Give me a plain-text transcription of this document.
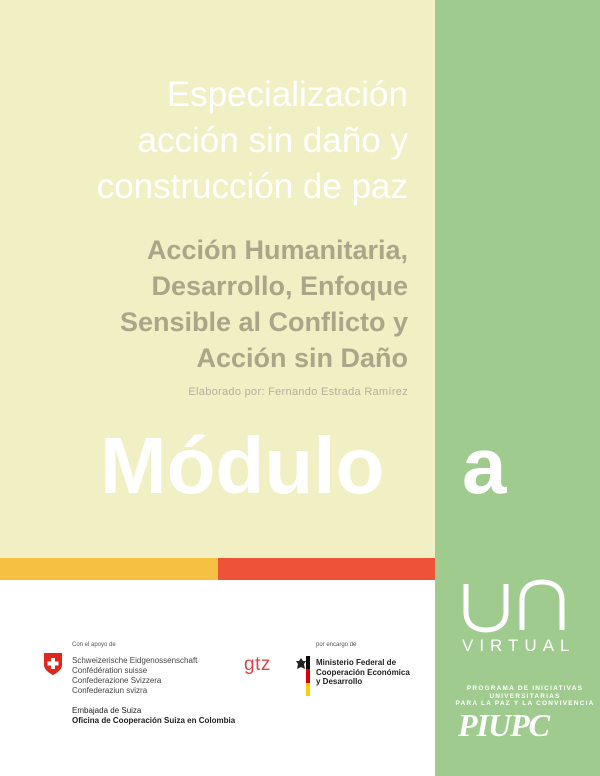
Especialización
acción sin daño y
construcción de paz
Acción Humanitaria,
Desarrollo, Enfoque
Sensible al Conflicto y
Acción sin Daño
Elaborado por: Fernando Estrada Ramírez
Módulo a
Con el apoyo de
Schweizerische Eidgenossenschaft
Confédération suisse
Confederazione Svizzera
Confederaziun svizra
Embajada de Suiza
Oficina de Cooperación Suiza en Colombia
gtz
por encargo de
Ministerio Federal de
Cooperación Económica
y Desarrollo
VIRTUAL
PROGRAMA DE INICIATIVAS
UNIVERSITARIAS
PARA LA PAZ Y LA CONVIVENCIA
PIUPC
